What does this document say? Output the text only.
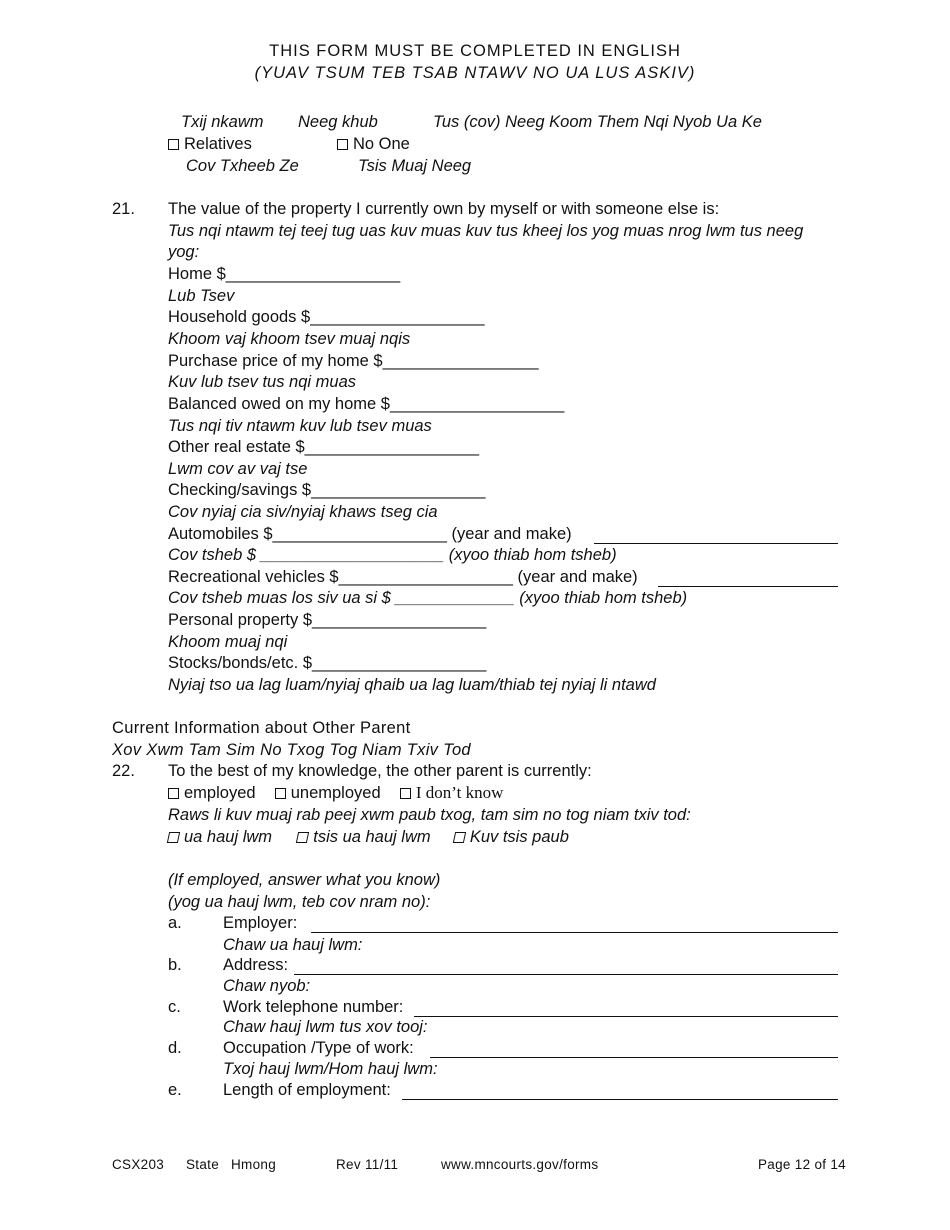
THIS FORM MUST BE COMPLETED IN ENGLISH
(YUAV TSUM TEB TSAB NTAWV NO UA LUS ASKIV)
Txij nkawm Neeg khub	Tus (cov) Neeg Koom Them Nqi Nyob Ua Ke
Relatives	No One
Cov Txheeb Ze	Tsis Muaj Neeg
21. The value of the property I currently own by myself or with someone else is:
Tus nqi ntawm tej teej tug uas kuv muas kuv tus kheej los yog muas nrog lwm tus neeg
yog:
Home $___________________
Lub Tsev
Household goods $___________________
Khoom vaj khoom tsev muaj nqis
Purchase price of my home $_________________
Kuv lub tsev tus nqi muas
Balanced owed on my home $___________________
Tus nqi tiv ntawm kuv lub tsev muas
Other real estate $___________________
Lwm cov av vaj tse
Checking/savings $___________________
Cov nyiaj cia siv/nyiaj khaws tseg cia
Automobiles $___________________ (year and make)
Cov tsheb $ ____________________ (xyoo thiab hom tsheb)
Recreational vehicles $___________________ (year and make)
Cov tsheb muas los siv ua si $ _____________ (xyoo thiab hom tsheb)
Personal property $___________________
Khoom muaj nqi
Stocks/bonds/etc. $___________________
Nyiaj tso ua lag luam/nyiaj qhaib ua lag luam/thiab tej nyiaj li ntawd
Current Information about Other Parent
Xov Xwm Tam Sim No Txog Tog Niam Txiv Tod
22. To the best of my knowledge, the other parent is currently:
employed unemployed I don’t know
Raws li kuv muaj rab peej xwm paub txog, tam sim no tog niam txiv tod:
ua hauj lwm tsis ua hauj lwm Kuv tsis paub
(If employed, answer what you know)
(yog ua hauj lwm, teb cov nram no):
a. Employer:
Chaw ua hauj lwm:
b. Address:
Chaw nyob:
c.	Work telephone number:
Chaw hauj lwm tus xov tooj:
d. Occupation /Type of work:
Txoj hauj lwm/Hom hauj lwm:
e. Length of employment:
CSX203 State Hmong	Rev 11/11	www.mncourts.gov/forms	Page 12 of 14
